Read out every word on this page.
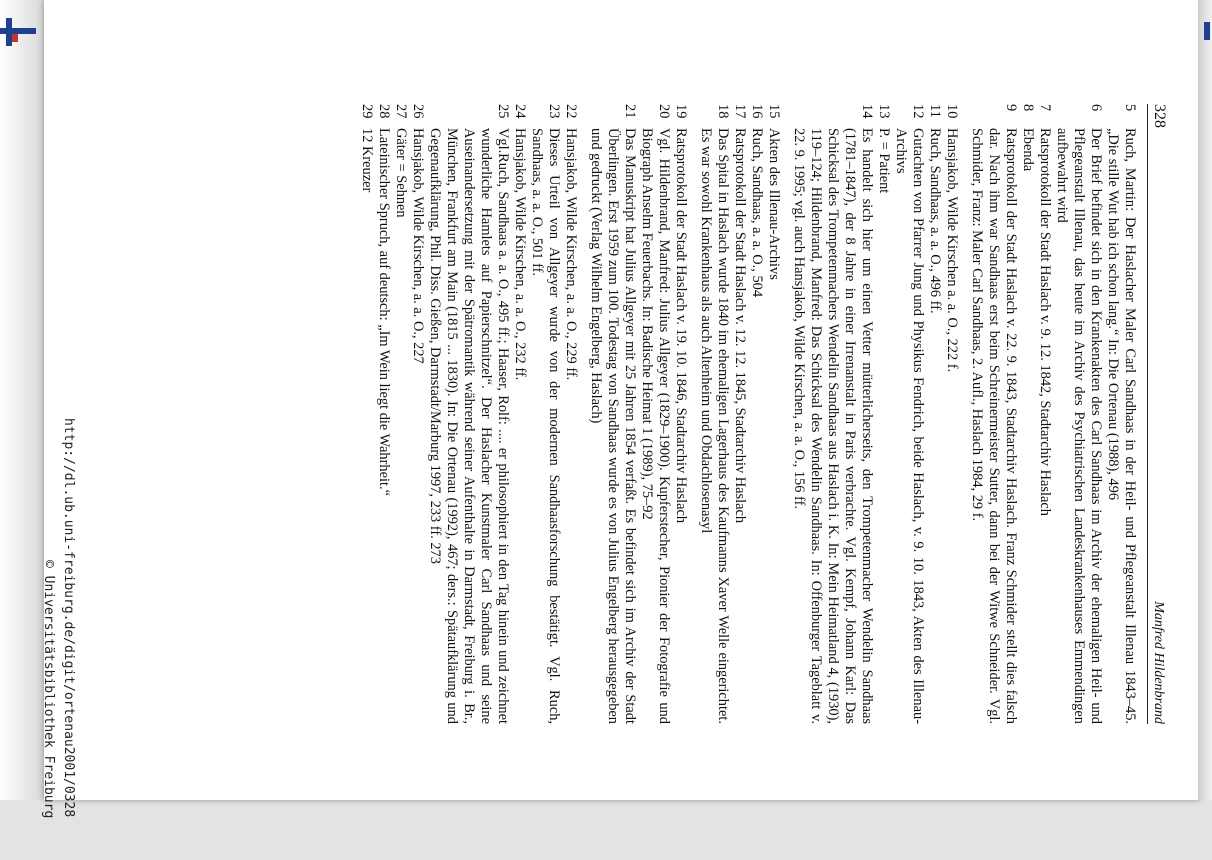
328
Manfred Hildenbrand
5
Ruch, Martin: Der Haslacher Maler Carl Sandhaas in der Heil- und Pflegeanstalt Illenau 1843–45. „Die stille Wut hab ich schon lang.“ In: Die Ortenau (1988), 496
6
Der Brief befindet sich in den Krankenakten des Carl Sandhaas im Archiv der ehemaligen Heil- und Pflegeanstalt Illenau, das heute im Archiv des Psychiatrischen Landeskrankenhauses Emmendingen aufbewahrt wird
7
Ratsprotokoll der Stadt Haslach v. 9. 12. 1842, Stadtarchiv Haslach
8
Ebenda
9
Ratsprotokoll der Stadt Haslach v. 22. 9. 1843, Stadtarchiv Haslach. Franz Schmider stellt dies falsch dar. Nach ihm war Sandhaas erst beim Schreinermeister Sutter, dann bei der Witwe Schneider. Vgl. Schmider, Franz: Maler Carl Sandhaas, 2. Aufl., Haslach 1984, 29 f.
10
Hansjakob, Wilde Kirschen a. a. O., 222 f.
11
Ruch, Sandhaas, a. a. O., 496 ff.
12
Gutachten von Pfarrer Jung und Physikus Fendrich, beide Haslach, v. 9. 10. 1843, Akten des Illenau-Archivs
13
P. = Patient
14
Es handelt sich hier um einen Vetter mütterlicherseits, den Trompetenmacher Wendelin Sandhaas (1781–1847), der 8 Jahre in einer Irrenanstalt in Paris verbrachte. Vgl. Kempf, Johann Karl: Das Schicksal des Trompetenmachers Wendelin Sandhaas aus Haslach i. K. In: Mein Heimatland 4, (1930), 119–124; Hildenbrand, Manfred: Das Schicksal des Wendelin Sandhaas. In: Offenburger Tageblatt v. 22. 9. 1995; vgl. auch Hansjakob, Wilde Kirschen, a. a. O., 156 ff.
15
Akten des Illenau-Archivs
16
Ruch, Sandhaas, a. a. O., 504
17
Ratsprotokoll der Stadt Haslach v. 12. 12. 1845, Stadtarchiv Haslach
18
Das Spital in Haslach wurde 1840 im ehemaligen Lagerhaus des Kaufmanns Xaver Welle eingerichtet. Es war sowohl Krankenhaus als auch Altenheim und Obdachlosenasyl
19
Ratsprotokoll der Stadt Haslach v. 19. 10. 1846, Stadtarchiv Haslach
20
Vgl. Hildenbrand, Manfred: Julius Allgeyer (1829–1900). Kupferstecher, Pionier der Fotografie und Biograph Anselm Feuerbachs. In: Badische Heimat 1 (1989), 75–92
21
Das Manuskript hat Julius Allgeyer mit 25 Jahren 1854 verfaßt. Es befindet sich im Archiv der Stadt Überlingen. Erst 1959 zum 100. Todestag von Sandhaas wurde es von Julius Engelberg herausgegeben und gedruckt (Verlag Wilhelm Engelberg, Haslach)
22
Hansjakob, Wilde Kirschen, a. a. O., 229 ff.
23
Dieses Urteil von Allgeyer wurde von der modernen Sandhaasforschung bestätigt. Vgl. Ruch, Sandhaas, a. a. O., 501 ff.
24
Hansjakob, Wilde Kirschen, a. a. O., 232 ff.
25
Vgl.Ruch, Sandhaas a. a. O., 495 ff.; Haaser, Rolf: .... er philosophiert in den Tag hinein und zeichnet wunderliche Hamlets auf Papierschnitzel“. Der Haslacher Kunstmaler Carl Sandhaas und seine Auseinandersetzung mit der Spätromantik während seiner Aufenthalte in Darmstadt, Freiburg i. Br., München, Frankfurt am Main (1815 ... 1830). In: Die Ortenau (1992), 467; ders.: Spätaufklärung und Gegenaufklärung, Phil. Diss. Gießen, Darmstadt/Marburg 1997, 233 ff. 273
26
Hansjakob, Wilde Kirschen, a. a. O., 227
27
Gäter = Sehnen
28
Lateinischer Spruch, auf deutsch: „Im Wein liegt die Wahrheit.“
29
12 Kreuzer
http://dl.ub.uni-freiburg.de/digit/ortenau2001/0328
© Universitätsbibliothek Freiburg
